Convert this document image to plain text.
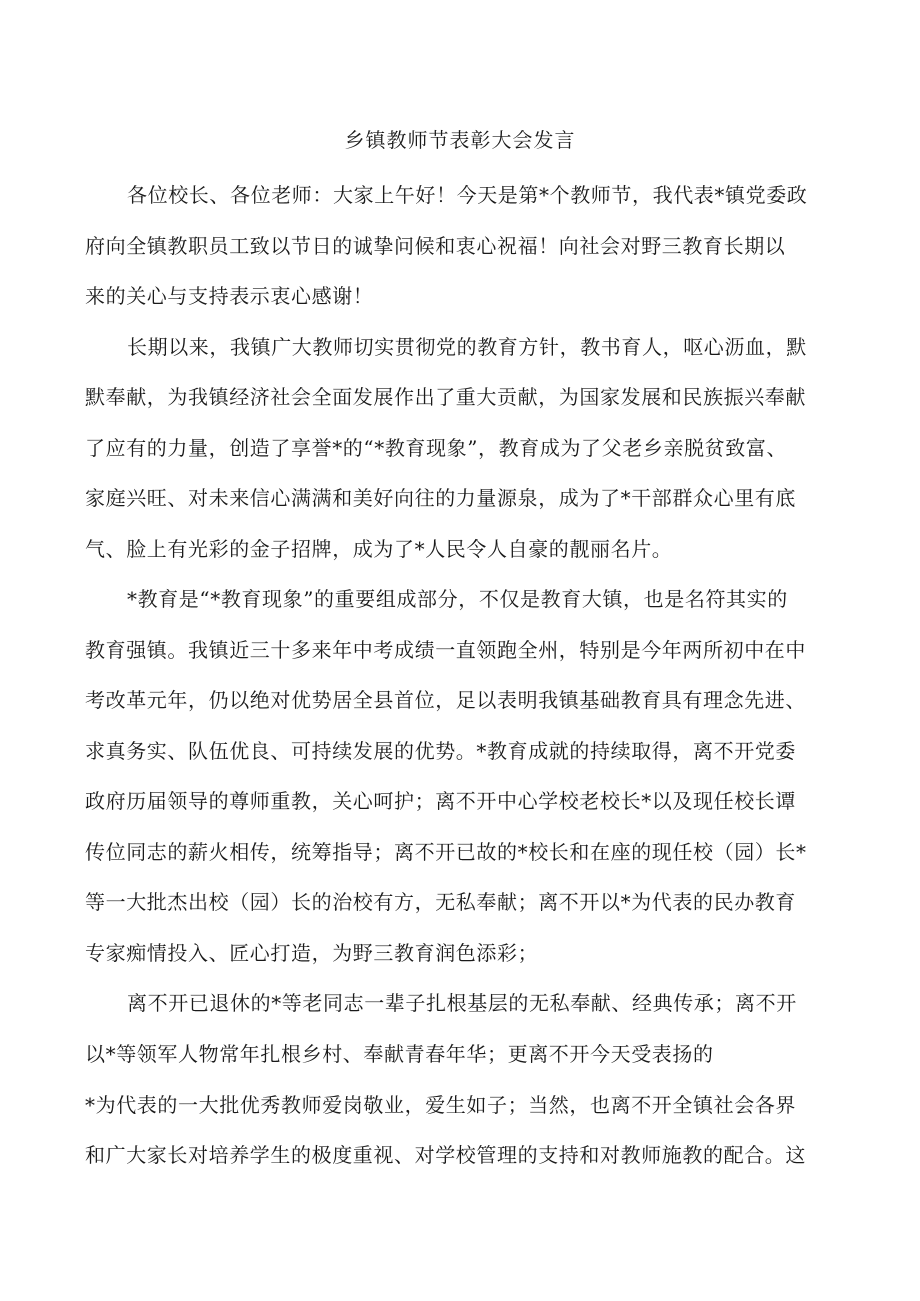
乡镇教师节表彰大会发言
各位校长、各位老师：大家上午好！今天是第*个教师节，我代表*镇党委政
府向全镇教职员工致以节日的诚挚问候和衷心祝福！向社会对野三教育长期以
来的关心与支持表示衷心感谢！
长期以来，我镇广大教师切实贯彻党的教育方针，教书育人，呕心沥血，默
默奉献，为我镇经济社会全面发展作出了重大贡献，为国家发展和民族振兴奉献
了应有的力量，创造了享誉*的“*教育现象”，教育成为了父老乡亲脱贫致富、
家庭兴旺、对未来信心满满和美好向往的力量源泉，成为了*干部群众心里有底
气、脸上有光彩的金子招牌，成为了*人民令人自豪的靓丽名片。
*教育是“*教育现象”的重要组成部分，不仅是教育大镇，也是名符其实的
教育强镇。我镇近三十多来年中考成绩一直领跑全州，特别是今年两所初中在中
考改革元年，仍以绝对优势居全县首位，足以表明我镇基础教育具有理念先进、
求真务实、队伍优良、可持续发展的优势。*教育成就的持续取得，离不开党委
政府历届领导的尊师重教，关心呵护；离不开中心学校老校长*以及现任校长谭
传位同志的薪火相传，统筹指导；离不开已故的*校长和在座的现任校（园）长*
等一大批杰出校（园）长的治校有方，无私奉献；离不开以*为代表的民办教育
专家痴情投入、匠心打造，为野三教育润色添彩；
离不开已退休的*等老同志一辈子扎根基层的无私奉献、经典传承；离不开
以*等领军人物常年扎根乡村、奉献青春年华；更离不开今天受表扬的
*为代表的一大批优秀教师爱岗敬业，爱生如子；当然，也离不开全镇社会各界
和广大家长对培养学生的极度重视、对学校管理的支持和对教师施教的配合。这
